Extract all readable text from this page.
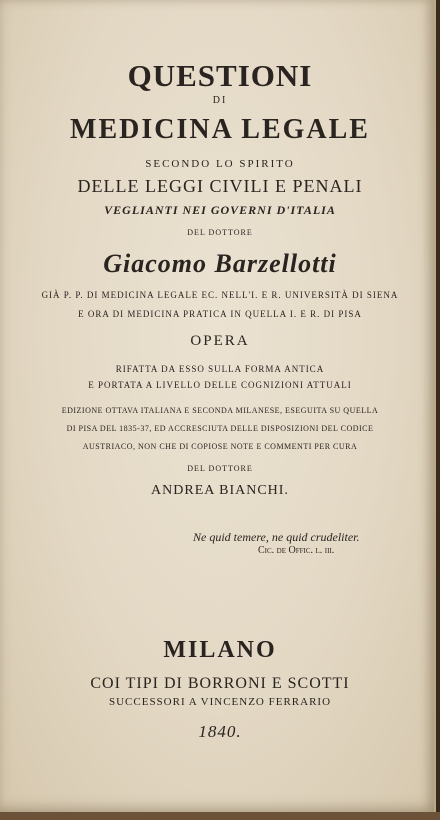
QUESTIONI
DI
MEDICINA LEGALE
SECONDO LO SPIRITO
DELLE LEGGI CIVILI E PENALI
VEGLIANTI NEI GOVERNI D'ITALIA
DEL DOTTORE
Giacomo Barzellotti
GIÀ P. P. DI MEDICINA LEGALE EC. NELL'I. E R. UNIVERSITÀ DI SIENA
E ORA DI MEDICINA PRATICA IN QUELLA I. E R. DI PISA
OPERA
RIFATTA DA ESSO SULLA FORMA ANTICA
E PORTATA A LIVELLO DELLE COGNIZIONI ATTUALI
EDIZIONE OTTAVA ITALIANA E SECONDA MILANESE, ESEGUITA SU QUELLA
DI PISA DEL 1835-37, ED ACCRESCIUTA DELLE DISPOSIZIONI DEL CODICE
AUSTRIACO, NON CHE DI COPIOSE NOTE E COMMENTI PER CURA
DEL DOTTORE
ANDREA BIANCHI.
Ne quid temere, ne quid crudeliter.
Cic. de Offic. l. iii.
MILANO
COI TIPI DI BORRONI E SCOTTI
SUCCESSORI A VINCENZO FERRARIO
1840.
